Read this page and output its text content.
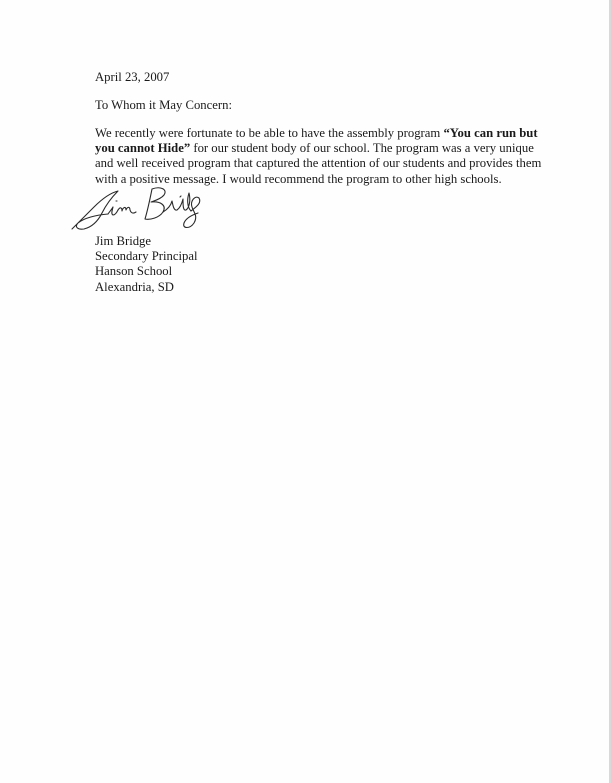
April 23, 2007
To Whom it May Concern:
We recently were fortunate to be able to have the assembly program “You can run but
you cannot Hide” for our student body of our school. The program was a very unique
and well received program that captured the attention of our students and provides them
with a positive message. I would recommend the program to other high schools.
Jim Bridge
Secondary Principal
Hanson School
Alexandria, SD
